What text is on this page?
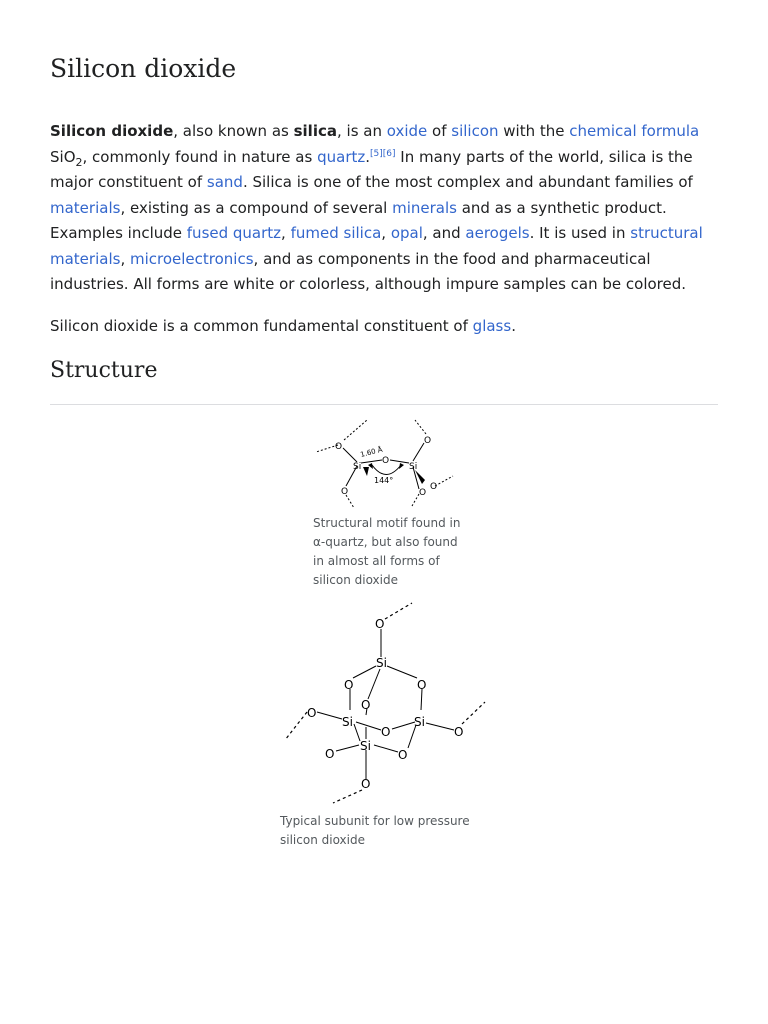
Silicon dioxide

Silicon dioxide, also known as silica, is an oxide of silicon with the chemical formula SiO$_2$, commonly found in nature as quartz.[5][6] In many parts of the world, silica is the major constituent of sand. Silica is one of the most complex and abundant families of materials, existing as a compound of several minerals and as a synthetic product. Examples include fused quartz, fumed silica, opal, and aerogels. It is used in structural materials, microelectronics, and as components in the food and pharmaceutical industries. All forms are white or colorless, although impure samples can be colored.

Silicon dioxide is a common fundamental constituent of glass.

Structure
Si	Si
O
O
O
O
O
O
1.60 Å
144°

Structural motif found in α-quartz, but also found in almost all forms of silicon dioxide

O
Si
O	O
O
O
Si	Si
O	O
Si
O	O
O

Typical subunit for low pressure silicon dioxide
